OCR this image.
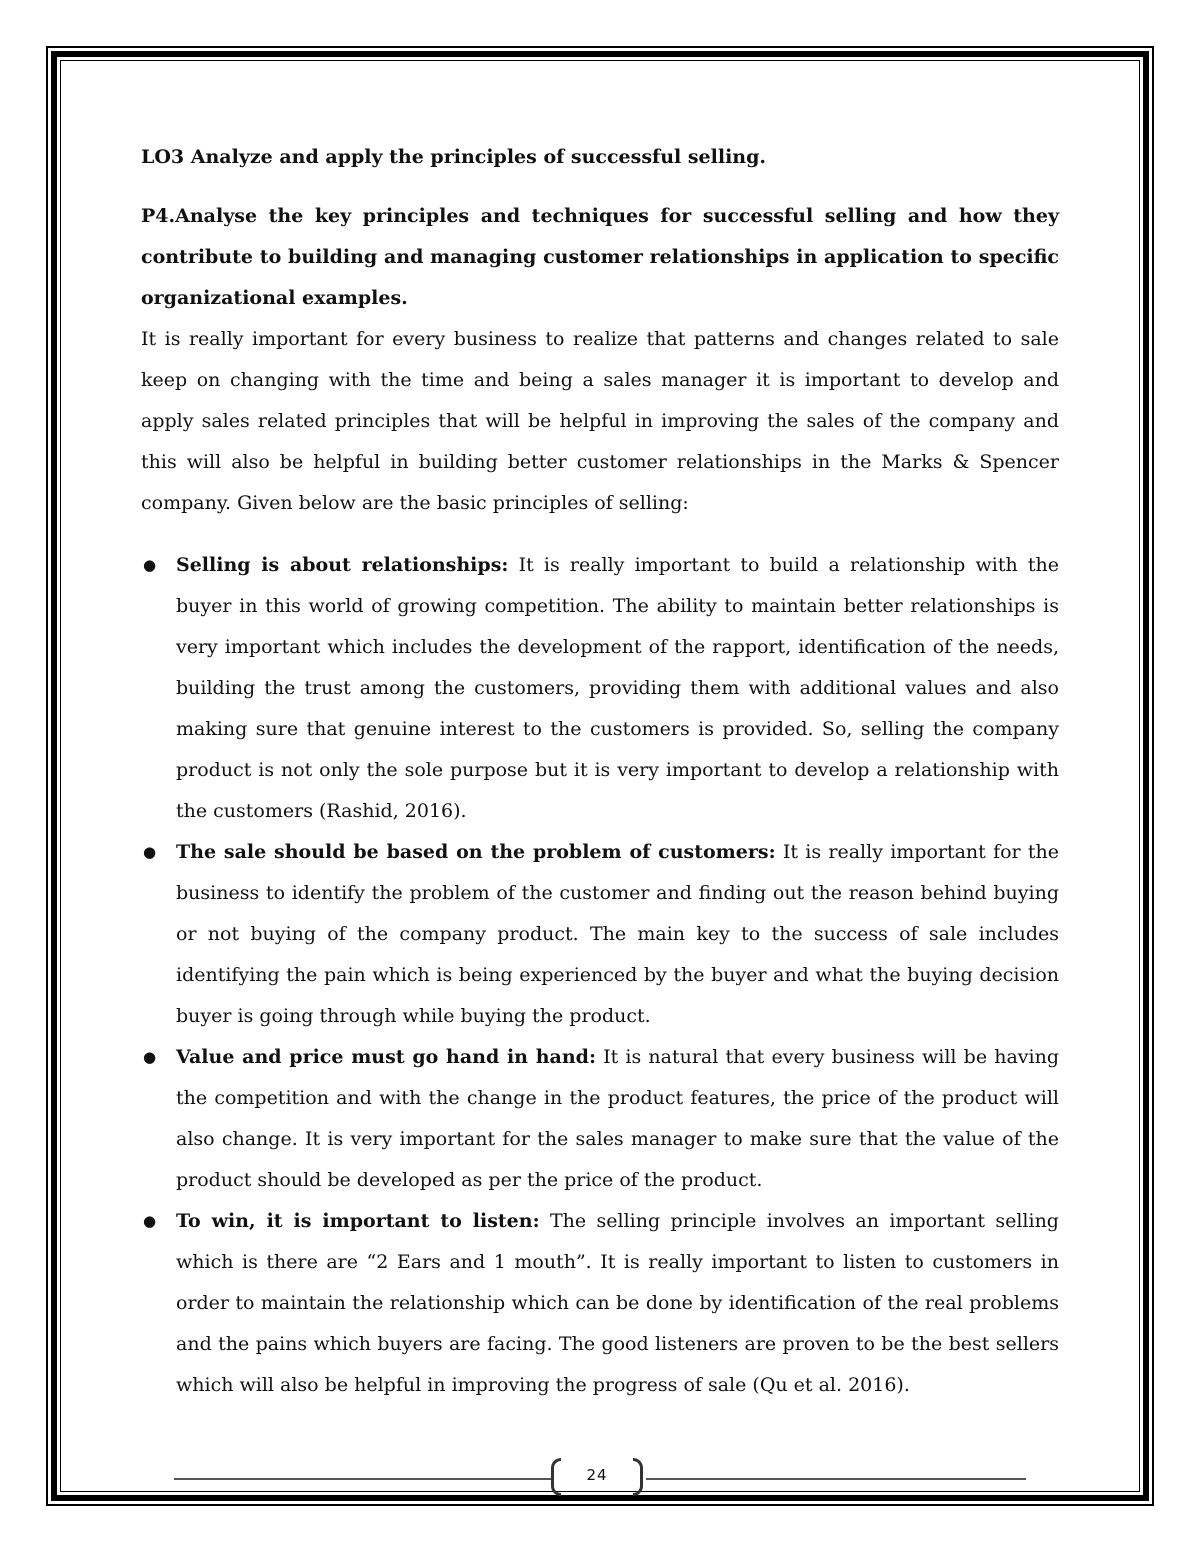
LO3 Analyze and apply the principles of successful selling.

P4.Analyse the key principles and techniques for successful selling and how they contribute to building and managing customer relationships in application to specific organizational examples.

It is really important for every business to realize that patterns and changes related to sale keep on changing with the time and being a sales manager it is important to develop and apply sales related principles that will be helpful in improving the sales of the company and this will also be helpful in building better customer relationships in the Marks & Spencer company. Given below are the basic principles of selling:

● Selling is about relationships: It is really important to build a relationship with the buyer in this world of growing competition. The ability to maintain better relationships is very important which includes the development of the rapport, identification of the needs, building the trust among the customers, providing them with additional values and also making sure that genuine interest to the customers is provided. So, selling the company product is not only the sole purpose but it is very important to develop a relationship with the customers (Rashid, 2016).
● The sale should be based on the problem of customers: It is really important for the business to identify the problem of the customer and finding out the reason behind buying or not buying of the company product. The main key to the success of sale includes identifying the pain which is being experienced by the buyer and what the buying decision buyer is going through while buying the product.
● Value and price must go hand in hand: It is natural that every business will be having the competition and with the change in the product features, the price of the product will also change. It is very important for the sales manager to make sure that the value of the product should be developed as per the price of the product.
● To win, it is important to listen: The selling principle involves an important selling which is there are “2 Ears and 1 mouth”. It is really important to listen to customers in order to maintain the relationship which can be done by identification of the real problems and the pains which buyers are facing. The good listeners are proven to be the best sellers which will also be helpful in improving the progress of sale (Qu et al. 2016).
24
